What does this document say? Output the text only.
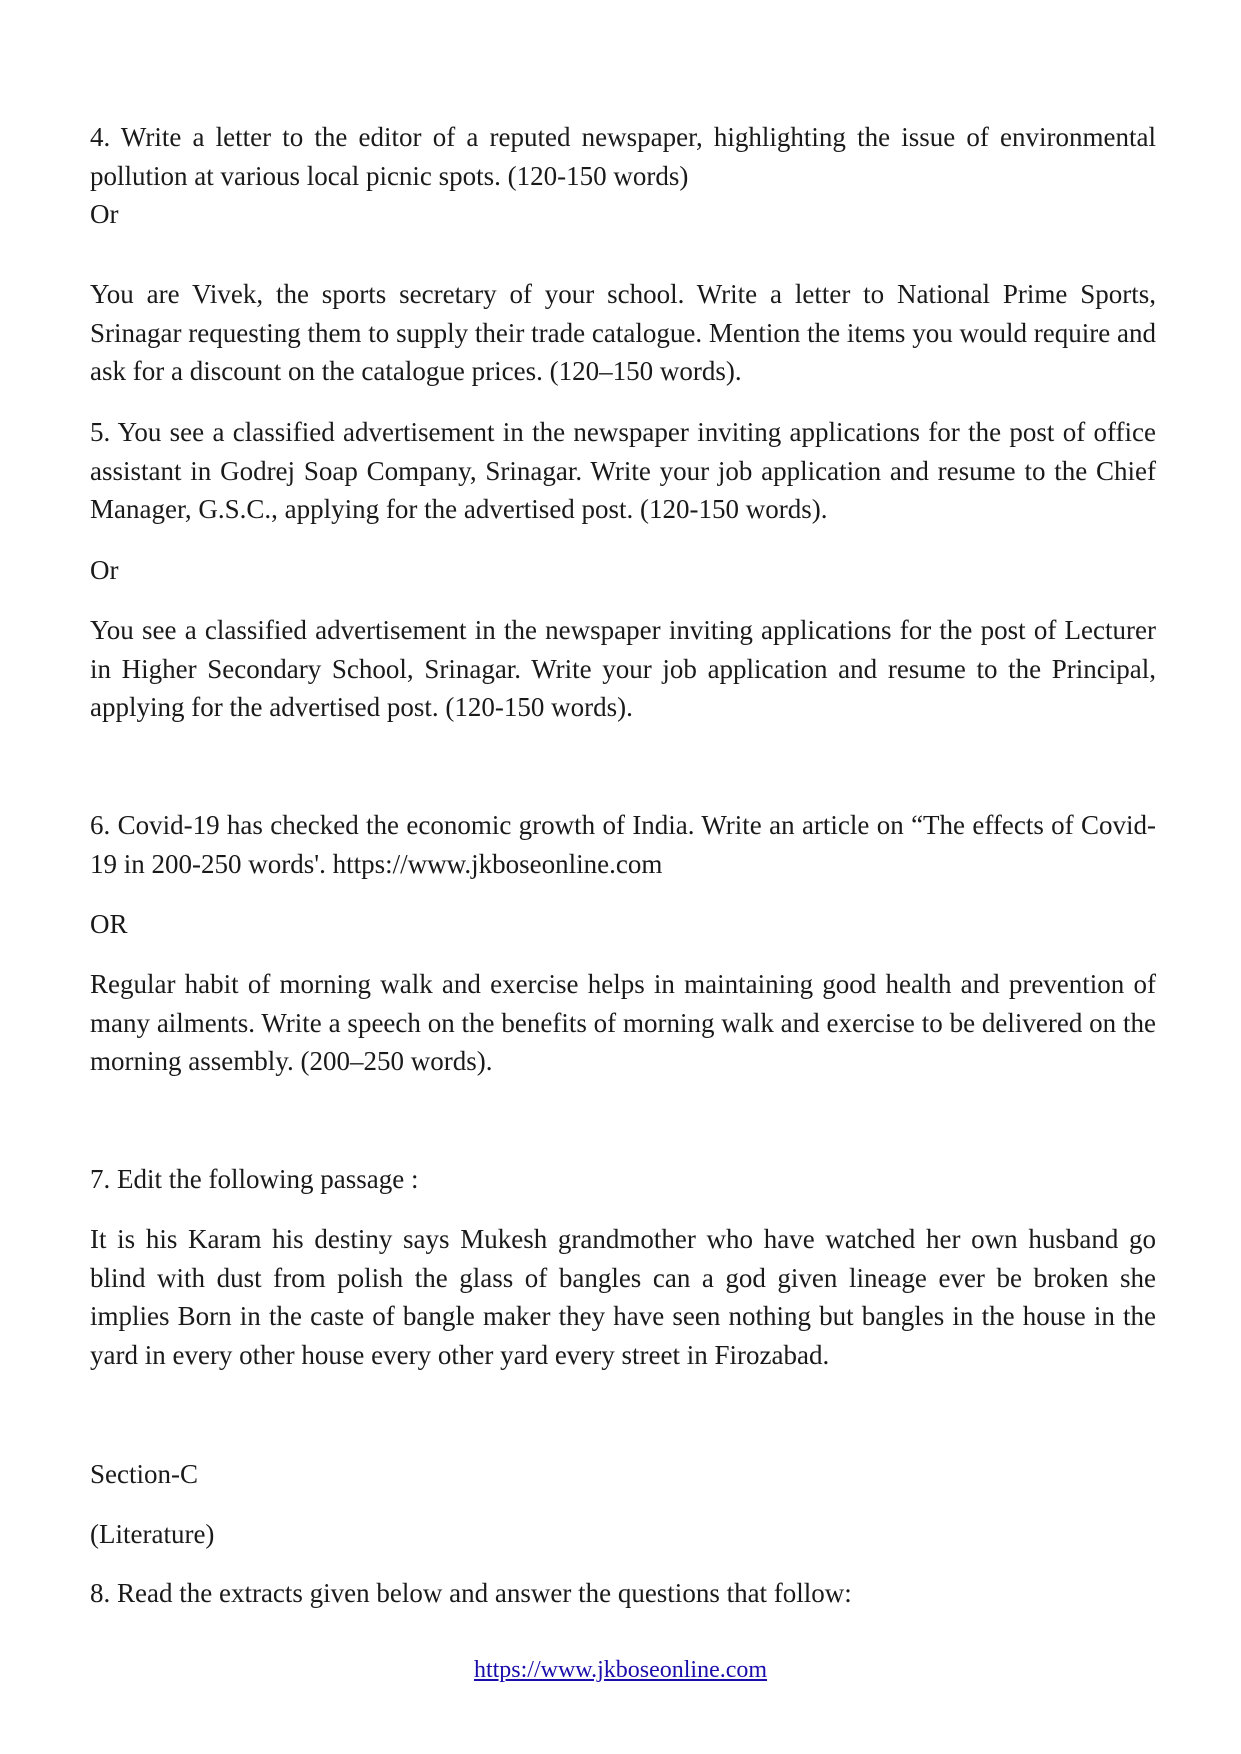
4. Write a letter to the editor of a reputed newspaper, highlighting the issue of environmental pollution at various local picnic spots. (120-150 words)

Or

You are Vivek, the sports secretary of your school. Write a letter to National Prime Sports, Srinagar requesting them to supply their trade catalogue. Mention the items you would require and ask for a discount on the catalogue prices. (120–150 words).

5. You see a classified advertisement in the newspaper inviting applications for the post of office assistant in Godrej Soap Company, Srinagar. Write your job application and resume to the Chief Manager, G.S.C., applying for the advertised post. (120-150 words).

Or

You see a classified advertisement in the newspaper inviting applications for the post of Lecturer in Higher Secondary School, Srinagar. Write your job application and resume to the Principal, applying for the advertised post. (120-150 words).

6. Covid-19 has checked the economic growth of India. Write an article on “The effects of Covid-19 in 200-250 words'. https://www.jkboseonline.com

OR

Regular habit of morning walk and exercise helps in maintaining good health and prevention of many ailments. Write a speech on the benefits of morning walk and exercise to be delivered on the morning assembly. (200–250 words).

7. Edit the following passage :

It is his Karam his destiny says Mukesh grandmother who have watched her own husband go blind with dust from polish the glass of bangles can a god given lineage ever be broken she implies Born in the caste of bangle maker they have seen nothing but bangles in the house in the yard in every other house every other yard every street in Firozabad.

Section-C

(Literature)

8. Read the extracts given below and answer the questions that follow:

https://www.jkboseonline.com
